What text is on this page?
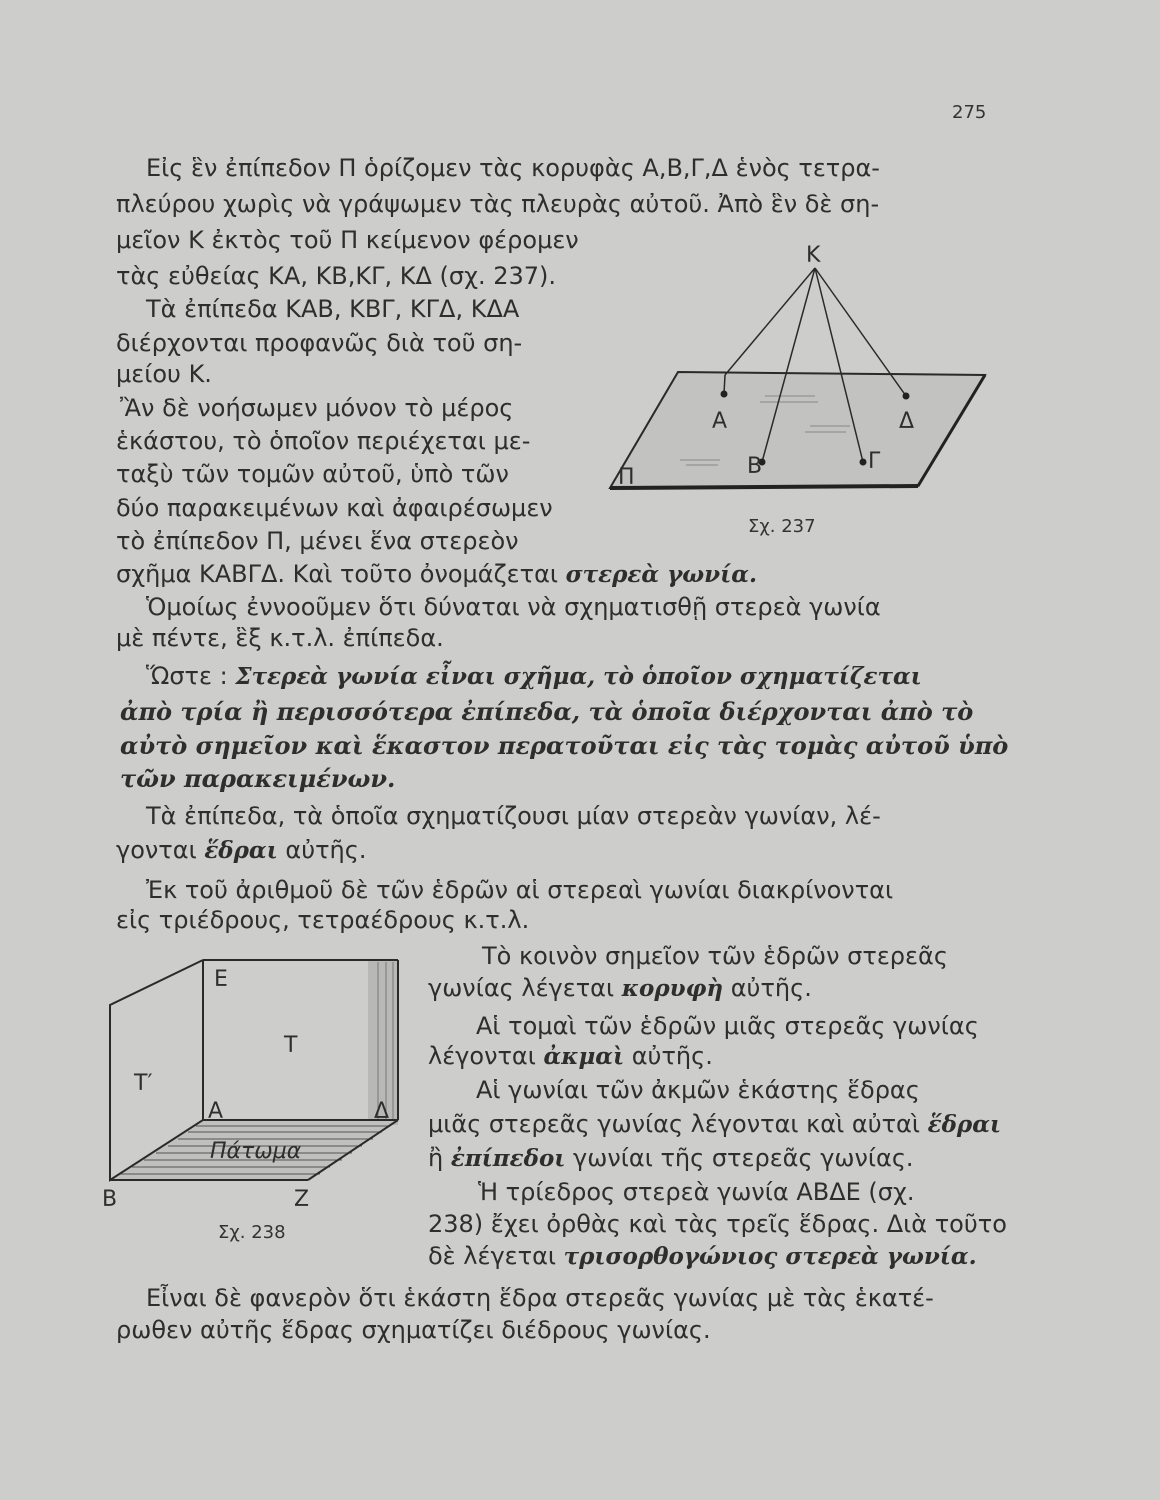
275
Εἰς ἓν ἐπίπεδον Π ὁρίζομεν τὰς κορυφὰς Α,Β,Γ,Δ ἑνὸς τετρα-
πλεύρου χωρὶς νὰ γράψωμεν τὰς πλευρὰς αὐτοῦ. Ἀπὸ ἓν δὲ ση-
μεῖον Κ ἐκτὸς τοῦ Π κείμενον φέρομεν
τὰς εὐθείας ΚΑ, ΚΒ,ΚΓ, ΚΔ (σχ. 237).
Τὰ ἐπίπεδα ΚΑΒ, ΚΒΓ, ΚΓΔ, ΚΔΑ
διέρχονται προφανῶς διὰ τοῦ ση-
μείου Κ.
Ἂν δὲ νοήσωμεν μόνον τὸ μέρος
ἑκάστου, τὸ ὁποῖον περιέχεται με-
ταξὺ τῶν τομῶν αὐτοῦ, ὑπὸ τῶν
δύο παρακειμένων καὶ ἀφαιρέσωμεν
τὸ ἐπίπεδον Π, μένει ἕνα στερεὸν
σχῆμα ΚΑΒΓΔ. Καὶ τοῦτο ὀνομάζεται στερεὰ γωνία.
Ὁμοίως ἐννοοῦμεν ὅτι δύναται νὰ σχηματισθῇ στερεὰ γωνία
μὲ πέντε, ἓξ κ.τ.λ. ἐπίπεδα.
Ὥστε : Στερεὰ γωνία εἶναι σχῆμα, τὸ ὁποῖον σχηματίζεται
ἀπὸ τρία ἢ περισσότερα ἐπίπεδα, τὰ ὁποῖα διέρχονται ἀπὸ τὸ
αὐτὸ σημεῖον καὶ ἕκαστον περατοῦται εἰς τὰς τομὰς αὐτοῦ ὑπὸ
τῶν παρακειμένων.
Τὰ ἐπίπεδα, τὰ ὁποῖα σχηματίζουσι μίαν στερεὰν γωνίαν, λέ-
γονται ἕδραι αὐτῆς.
Ἐκ τοῦ ἀριθμοῦ δὲ τῶν ἑδρῶν αἱ στερεαὶ γωνίαι διακρίνονται
εἰς τριέδρους, τετραέδρους κ.τ.λ.
Τὸ κοινὸν σημεῖον τῶν ἑδρῶν στερεᾶς
γωνίας λέγεται κορυφὴ αὐτῆς.
Αἱ τομαὶ τῶν ἑδρῶν μιᾶς στερεᾶς γωνίας
λέγονται ἀκμαὶ αὐτῆς.
Αἱ γωνίαι τῶν ἀκμῶν ἑκάστης ἕδρας
μιᾶς στερεᾶς γωνίας λέγονται καὶ αὐταὶ ἕδραι
ἢ ἐπίπεδοι γωνίαι τῆς στερεᾶς γωνίας.
Ἡ τρίεδρος στερεὰ γωνία ΑΒΔΕ (σχ.
238) ἔχει ὀρθὰς καὶ τὰς τρεῖς ἕδρας. Διὰ τοῦτο
δὲ λέγεται τρισορθογώνιος στερεὰ γωνία.
Εἶναι δὲ φανερὸν ὅτι ἑκάστη ἕδρα στερεᾶς γωνίας μὲ τὰς ἑκατέ-
ρωθεν αὐτῆς ἕδρας σχηματίζει διέδρους γωνίας.
Κ
Α
Β	Γ
Δ
Π
Σχ. 237
Ε
Τ
Τ′
Α	Δ
Β	Ζ
Πάτωμα
Σχ. 238
